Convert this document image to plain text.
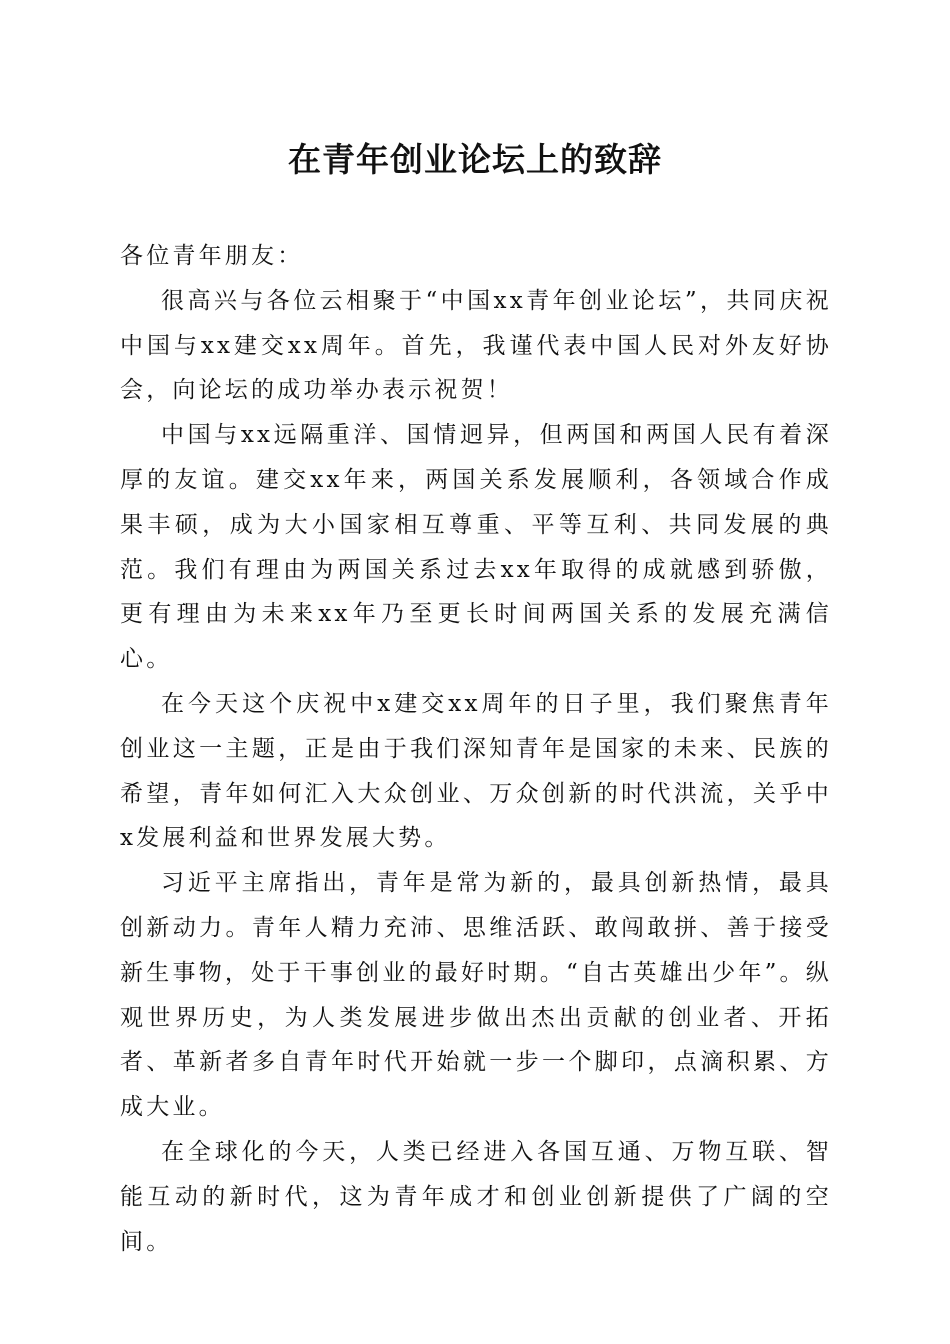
在青年创业论坛上的致辞

各位青年朋友：

很高兴与各位云相聚于“中国xx青年创业论坛”，共同庆祝中国与xx建交xx周年。首先，我谨代表中国人民对外友好协会，向论坛的成功举办表示祝贺！

中国与xx远隔重洋、国情迥异，但两国和两国人民有着深厚的友谊。建交xx年来，两国关系发展顺利，各领域合作成果丰硕，成为大小国家相互尊重、平等互利、共同发展的典范。我们有理由为两国关系过去xx年取得的成就感到骄傲，更有理由为未来xx年乃至更长时间两国关系的发展充满信心。

在今天这个庆祝中x建交xx周年的日子里，我们聚焦青年创业这一主题，正是由于我们深知青年是国家的未来、民族的希望，青年如何汇入大众创业、万众创新的时代洪流，关乎中x发展利益和世界发展大势。

习近平主席指出，青年是常为新的，最具创新热情，最具创新动力。青年人精力充沛、思维活跃、敢闯敢拼、善于接受新生事物，处于干事创业的最好时期。“自古英雄出少年”。纵观世界历史，为人类发展进步做出杰出贡献的创业者、开拓者、革新者多自青年时代开始就一步一个脚印，点滴积累、方成大业。

在全球化的今天，人类已经进入各国互通、万物互联、智能互动的新时代，这为青年成才和创业创新提供了广阔的空间。
